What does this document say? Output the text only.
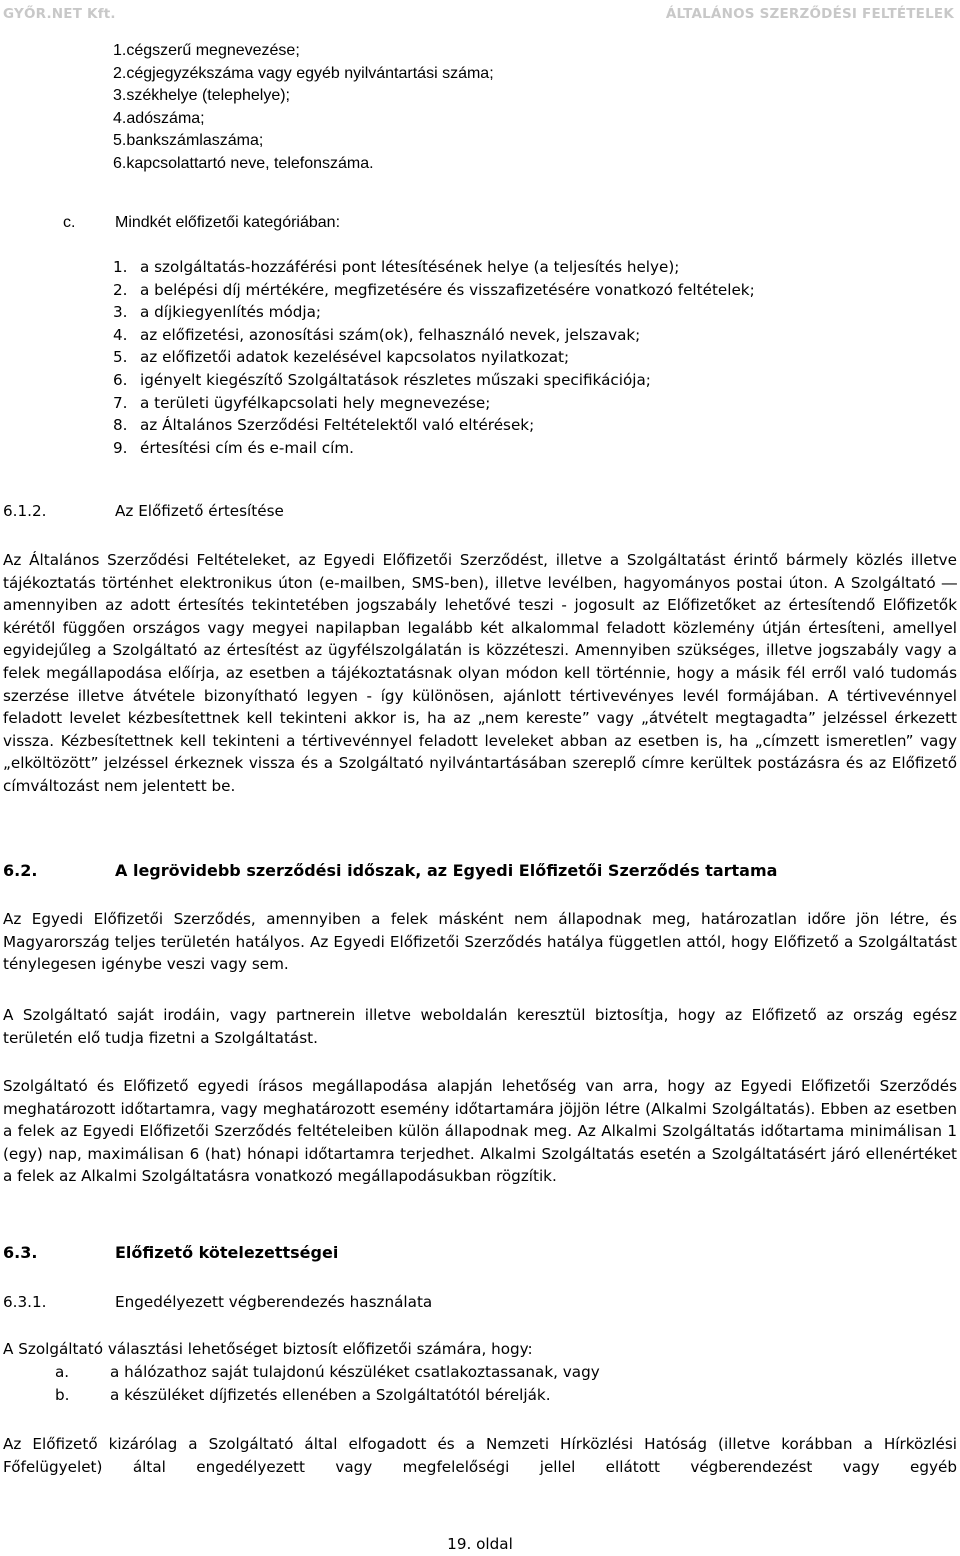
GYŐR.NET Kft.	ÁLTALÁNOS SZERZŐDÉSI FELTÉTELEK
1.cégszerű megnevezése;
2.cégjegyzékszáma vagy egyéb nyilvántartási száma;
3.székhelye (telephelye);
4.adószáma;
5.bankszámlaszáma;
6.kapcsolattartó neve, telefonszáma.
c. Mindkét előfizetői kategóriában:
1. a szolgáltatás-hozzáférési pont létesítésének helye (a teljesítés helye);
2. a belépési díj mértékére, megfizetésére és visszafizetésére vonatkozó feltételek;
3. a díjkiegyenlítés módja;
4. az előfizetési, azonosítási szám(ok), felhasználó nevek, jelszavak;
5. az előfizetői adatok kezelésével kapcsolatos nyilatkozat;
6. igényelt kiegészítő Szolgáltatások részletes műszaki specifikációja;
7. a területi ügyfélkapcsolati hely megnevezése;
8. az Általános Szerződési Feltételektől való eltérések;
9. értesítési cím és e-mail cím.
6.1.2.	Az Előfizető értesítése

Az Általános Szerződési Feltételeket, az Egyedi Előfizetői Szerződést, illetve a Szolgáltatást érintő bármely közlés illetve tájékoztatás történhet elektronikus úton (e-mailben, SMS-ben), illetve levélben, hagyományos postai úton. A Szolgáltató ― amennyiben az adott értesítés tekintetében jogszabály lehetővé teszi - jogosult az Előfizetőket az értesítendő Előfizetők kérétől függően országos vagy megyei napilapban legalább két alkalommal feladott közlemény útján értesíteni, amellyel egyidejűleg a Szolgáltató az értesítést az ügyfélszolgálatán is közzéteszi. Amennyiben szükséges, illetve jogszabály vagy a felek megállapodása előírja, az esetben a tájékoztatásnak olyan módon kell történnie, hogy a másik fél erről való tudomás szerzése illetve átvétele bizonyítható legyen - így különösen, ajánlott tértivevényes levél formájában. A tértivevénnyel feladott levelet kézbesítettnek kell tekinteni akkor is, ha az „nem kereste” vagy „átvételt megtagadta” jelzéssel érkezett vissza. Kézbesítettnek kell tekinteni a tértivevénnyel feladott leveleket abban az esetben is, ha „címzett ismeretlen” vagy „elköltözött” jelzéssel érkeznek vissza és a Szolgáltató nyilvántartásában szereplő címre kerültek postázásra és az Előfizető címváltozást nem jelentett be.

6.2.	A legrövidebb szerződési időszak, az Egyedi Előfizetői Szerződés tartama

Az Egyedi Előfizetői Szerződés, amennyiben a felek másként nem állapodnak meg, határozatlan időre jön létre, és Magyarország teljes területén hatályos. Az Egyedi Előfizetői Szerződés hatálya független attól, hogy Előfizető a Szolgáltatást ténylegesen igénybe veszi vagy sem.

A Szolgáltató saját irodáin, vagy partnerein illetve weboldalán keresztül biztosítja, hogy az Előfizető az ország egész területén elő tudja fizetni a Szolgáltatást.

Szolgáltató és Előfizető egyedi írásos megállapodása alapján lehetőség van arra, hogy az Egyedi Előfizetői Szerződés meghatározott időtartamra, vagy meghatározott esemény időtartamára jöjjön létre (Alkalmi Szolgáltatás). Ebben az esetben a felek az Egyedi Előfizetői Szerződés feltételeiben külön állapodnak meg. Az Alkalmi Szolgáltatás időtartama minimálisan 1 (egy) nap, maximálisan 6 (hat) hónapi időtartamra terjedhet. Alkalmi Szolgáltatás esetén a Szolgáltatásért járó ellenértéket a felek az Alkalmi Szolgáltatásra vonatkozó megállapodásukban rögzítik.

6.3.	Előfizető kötelezettségei
6.3.1.	Engedélyezett végberendezés használata

A Szolgáltató választási lehetőséget biztosít előfizetői számára, hogy:

a.	a hálózathoz saját tulajdonú készüléket csatlakoztassanak, vagy
b.	a készüléket díjfizetés ellenében a Szolgáltatótól bérelják.

Az Előfizető kizárólag a Szolgáltató által elfogadott és a Nemzeti Hírközlési Hatóság (illetve korábban a Hírközlési Főfelügyelet) által engedélyezett vagy megfelelőségi jellel ellátott végberendezést vagy egyéb

19. oldal
